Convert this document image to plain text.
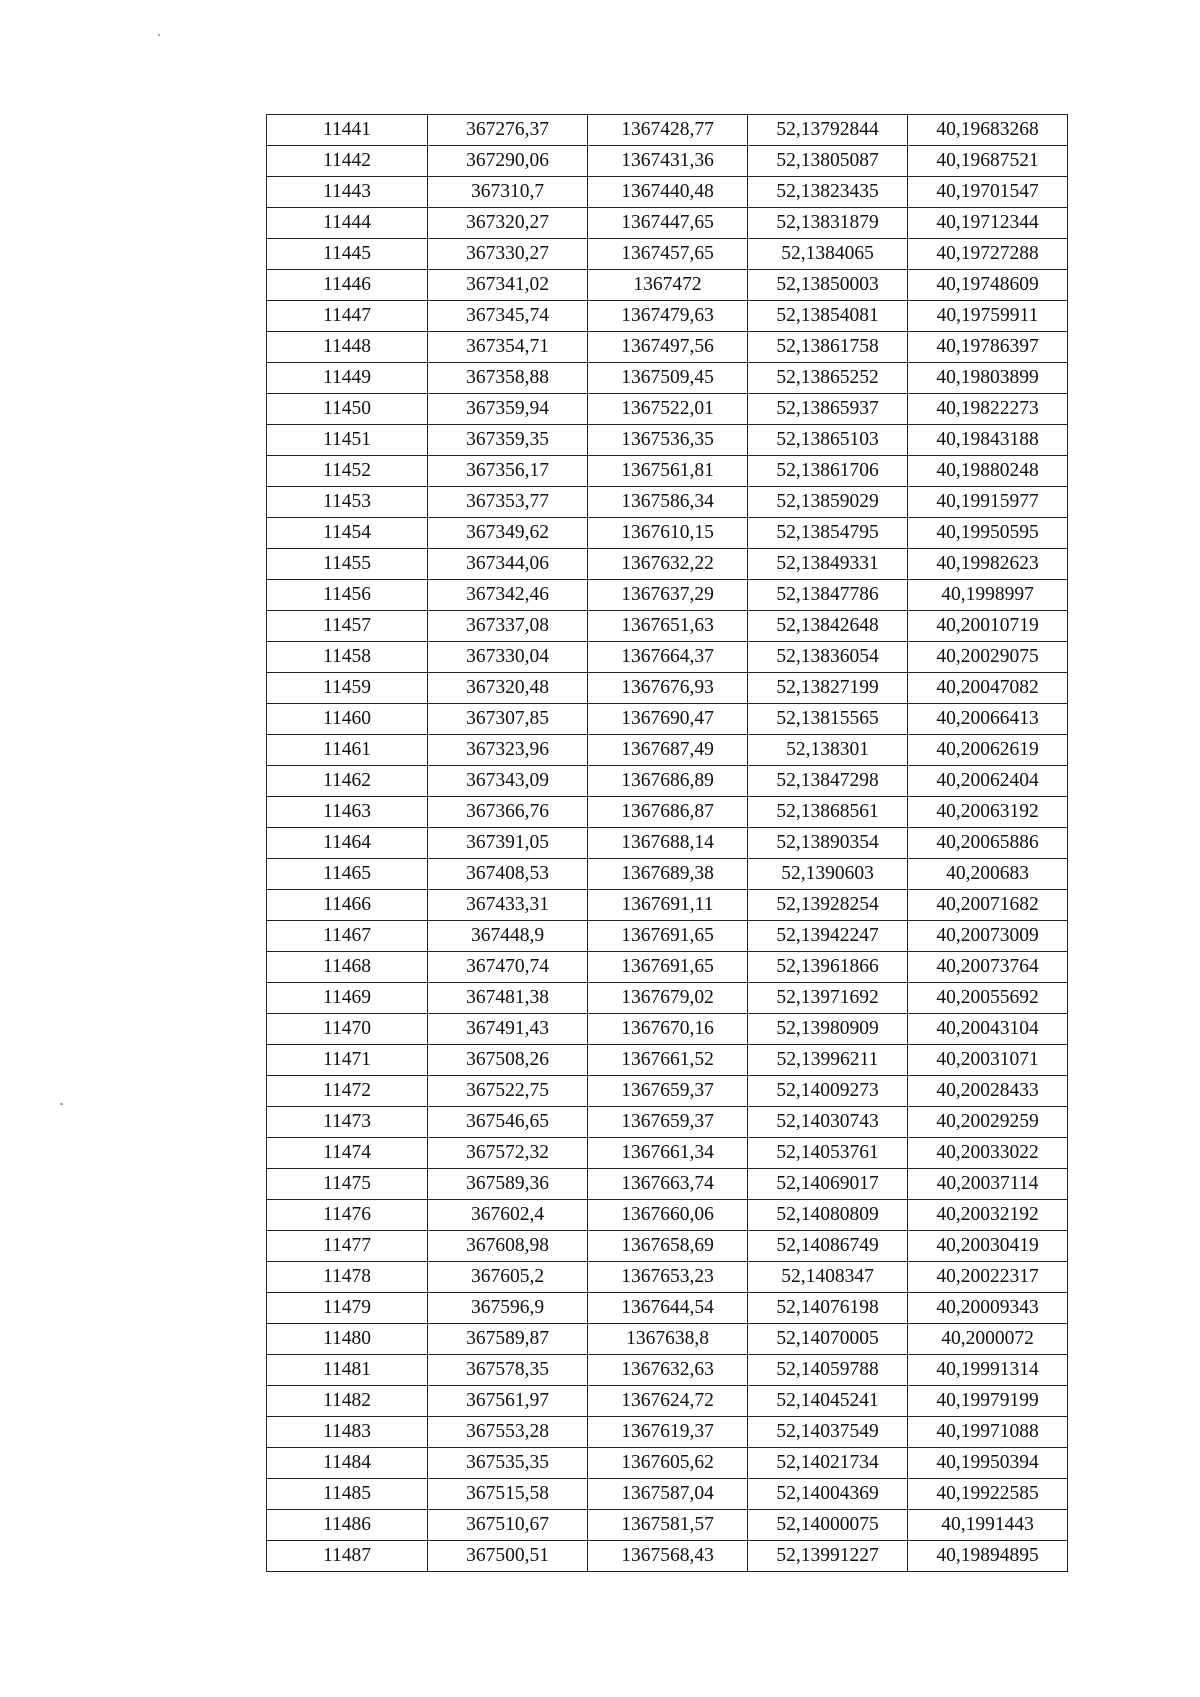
11441	367276,37	1367428,77	52,13792844	40,19683268
11442	367290,06	1367431,36	52,13805087	40,19687521
11443	367310,7	1367440,48	52,13823435	40,19701547
11444	367320,27	1367447,65	52,13831879	40,19712344
11445	367330,27	1367457,65	52,1384065	40,19727288
11446	367341,02	1367472	52,13850003	40,19748609
11447	367345,74	1367479,63	52,13854081	40,19759911
11448	367354,71	1367497,56	52,13861758	40,19786397
11449	367358,88	1367509,45	52,13865252	40,19803899
11450	367359,94	1367522,01	52,13865937	40,19822273
11451	367359,35	1367536,35	52,13865103	40,19843188
11452	367356,17	1367561,81	52,13861706	40,19880248
11453	367353,77	1367586,34	52,13859029	40,19915977
11454	367349,62	1367610,15	52,13854795	40,19950595
11455	367344,06	1367632,22	52,13849331	40,19982623
11456	367342,46	1367637,29	52,13847786	40,1998997
11457	367337,08	1367651,63	52,13842648	40,20010719
11458	367330,04	1367664,37	52,13836054	40,20029075
11459	367320,48	1367676,93	52,13827199	40,20047082
11460	367307,85	1367690,47	52,13815565	40,20066413
11461	367323,96	1367687,49	52,138301	40,20062619
11462	367343,09	1367686,89	52,13847298	40,20062404
11463	367366,76	1367686,87	52,13868561	40,20063192
11464	367391,05	1367688,14	52,13890354	40,20065886
11465	367408,53	1367689,38	52,1390603	40,200683
11466	367433,31	1367691,11	52,13928254	40,20071682
11467	367448,9	1367691,65	52,13942247	40,20073009
11468	367470,74	1367691,65	52,13961866	40,20073764
11469	367481,38	1367679,02	52,13971692	40,20055692
11470	367491,43	1367670,16	52,13980909	40,20043104
11471	367508,26	1367661,52	52,13996211	40,20031071
11472	367522,75	1367659,37	52,14009273	40,20028433
11473	367546,65	1367659,37	52,14030743	40,20029259
11474	367572,32	1367661,34	52,14053761	40,20033022
11475	367589,36	1367663,74	52,14069017	40,20037114
11476	367602,4	1367660,06	52,14080809	40,20032192
11477	367608,98	1367658,69	52,14086749	40,20030419
11478	367605,2	1367653,23	52,1408347	40,20022317
11479	367596,9	1367644,54	52,14076198	40,20009343
11480	367589,87	1367638,8	52,14070005	40,2000072
11481	367578,35	1367632,63	52,14059788	40,19991314
11482	367561,97	1367624,72	52,14045241	40,19979199
11483	367553,28	1367619,37	52,14037549	40,19971088
11484	367535,35	1367605,62	52,14021734	40,19950394
11485	367515,58	1367587,04	52,14004369	40,19922585
11486	367510,67	1367581,57	52,14000075	40,1991443
11487	367500,51	1367568,43	52,13991227	40,19894895
